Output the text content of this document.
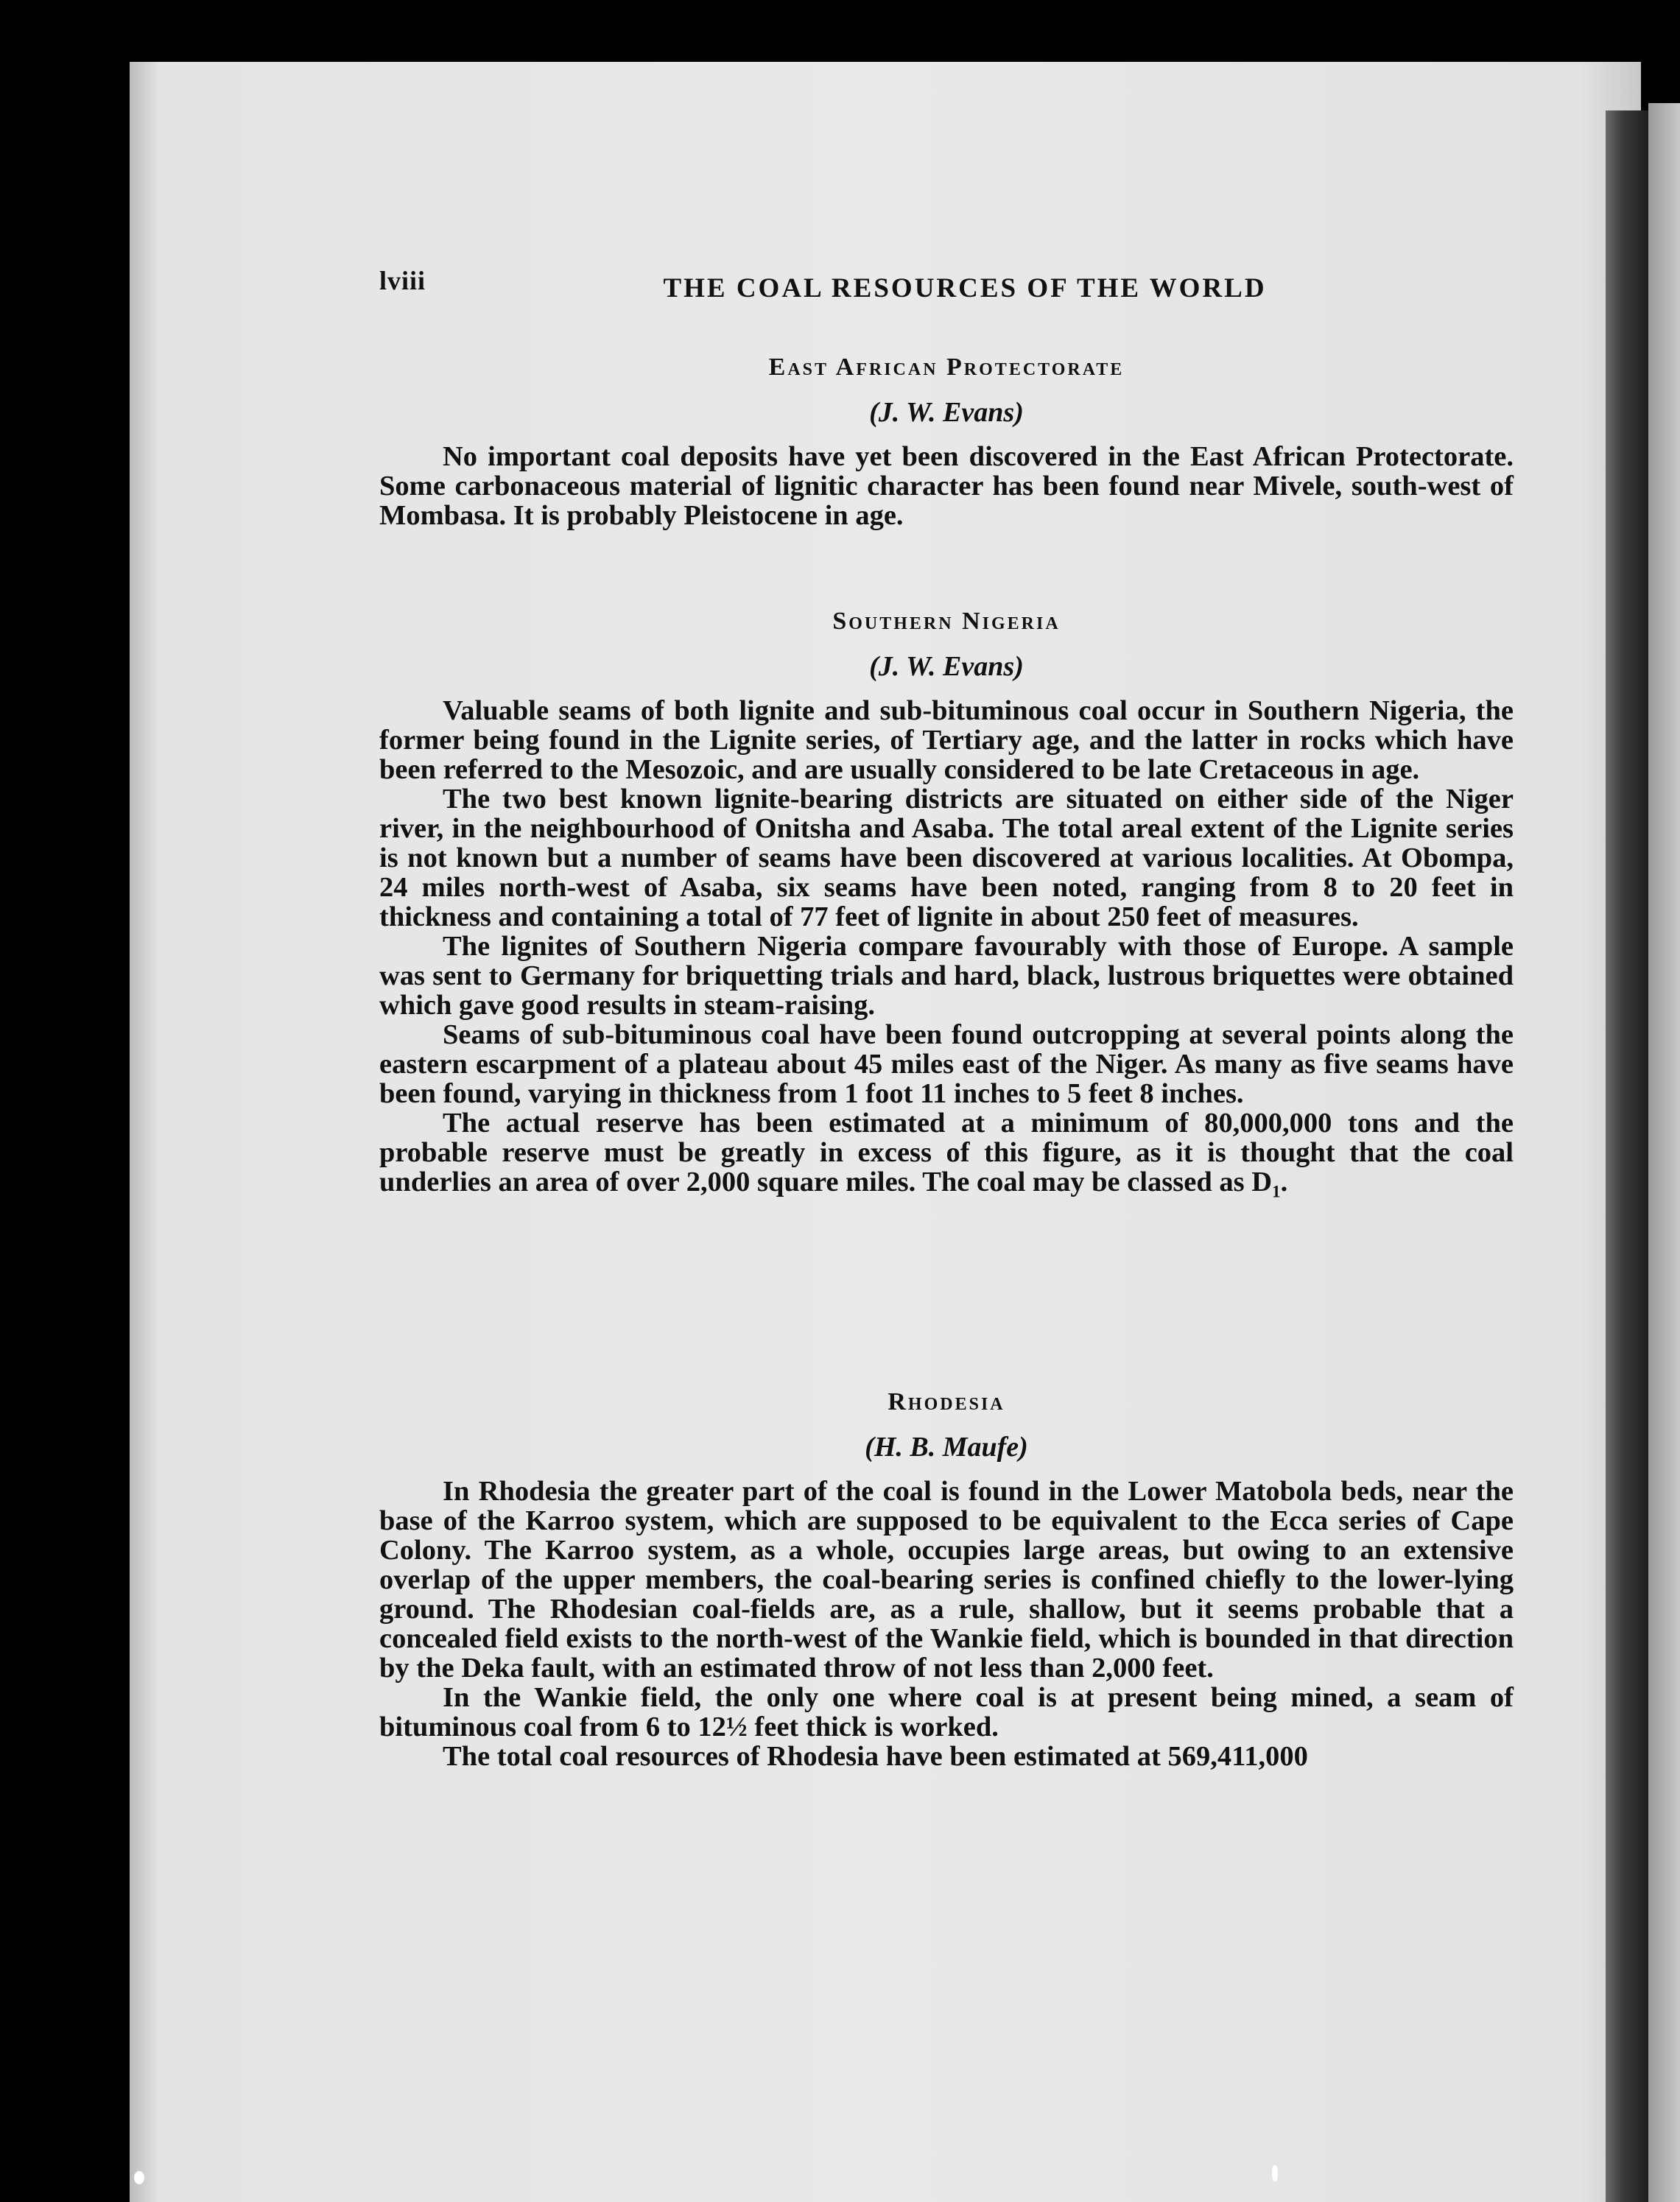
lviii	THE COAL RESOURCES OF THE WORLD
East African Protectorate
(J. W. Evans)

No important coal deposits have yet been discovered in the East African Protectorate. Some carbonaceous material of lignitic character has been found near Mivele, south-west of Mombasa. It is probably Pleistocene in age.

Southern Nigeria
(J. W. Evans)

Valuable seams of both lignite and sub-bituminous coal occur in Southern Nigeria, the former being found in the Lignite series, of Tertiary age, and the latter in rocks which have been referred to the Mesozoic, and are usually considered to be late Cretaceous in age.

The two best known lignite-bearing districts are situated on either side of the Niger river, in the neighbourhood of Onitsha and Asaba. The total areal extent of the Lignite series is not known but a number of seams have been discovered at various localities. At Obompa, 24 miles north-west of Asaba, six seams have been noted, ranging from 8 to 20 feet in thickness and containing a total of 77 feet of lignite in about 250 feet of measures.

The lignites of Southern Nigeria compare favourably with those of Europe. A sample was sent to Germany for briquetting trials and hard, black, lustrous briquettes were obtained which gave good results in steam-raising.

Seams of sub-bituminous coal have been found outcropping at several points along the eastern escarpment of a plateau about 45 miles east of the Niger. As many as five seams have been found, varying in thickness from 1 foot 11 inches to 5 feet 8 inches.

The actual reserve has been estimated at a minimum of 80,000,000 tons and the probable reserve must be greatly in excess of this figure, as it is thought that the coal underlies an area of over 2,000 square miles. The coal may be classed as $D_1$.

Rhodesia
(H. B. Maufe)

In Rhodesia the greater part of the coal is found in the Lower Matobola beds, near the base of the Karroo system, which are supposed to be equivalent to the Ecca series of Cape Colony. The Karroo system, as a whole, occupies large areas, but owing to an extensive overlap of the upper members, the coal-bearing series is confined chiefly to the lower-lying ground. The Rhodesian coal-fields are, as a rule, shallow, but it seems probable that a concealed field exists to the north-west of the Wankie field, which is bounded in that direction by the Deka fault, with an estimated throw of not less than 2,000 feet.

In the Wankie field, the only one where coal is at present being mined, a seam of bituminous coal from 6 to 12½ feet thick is worked.

The total coal resources of Rhodesia have been estimated at 569,411,000
